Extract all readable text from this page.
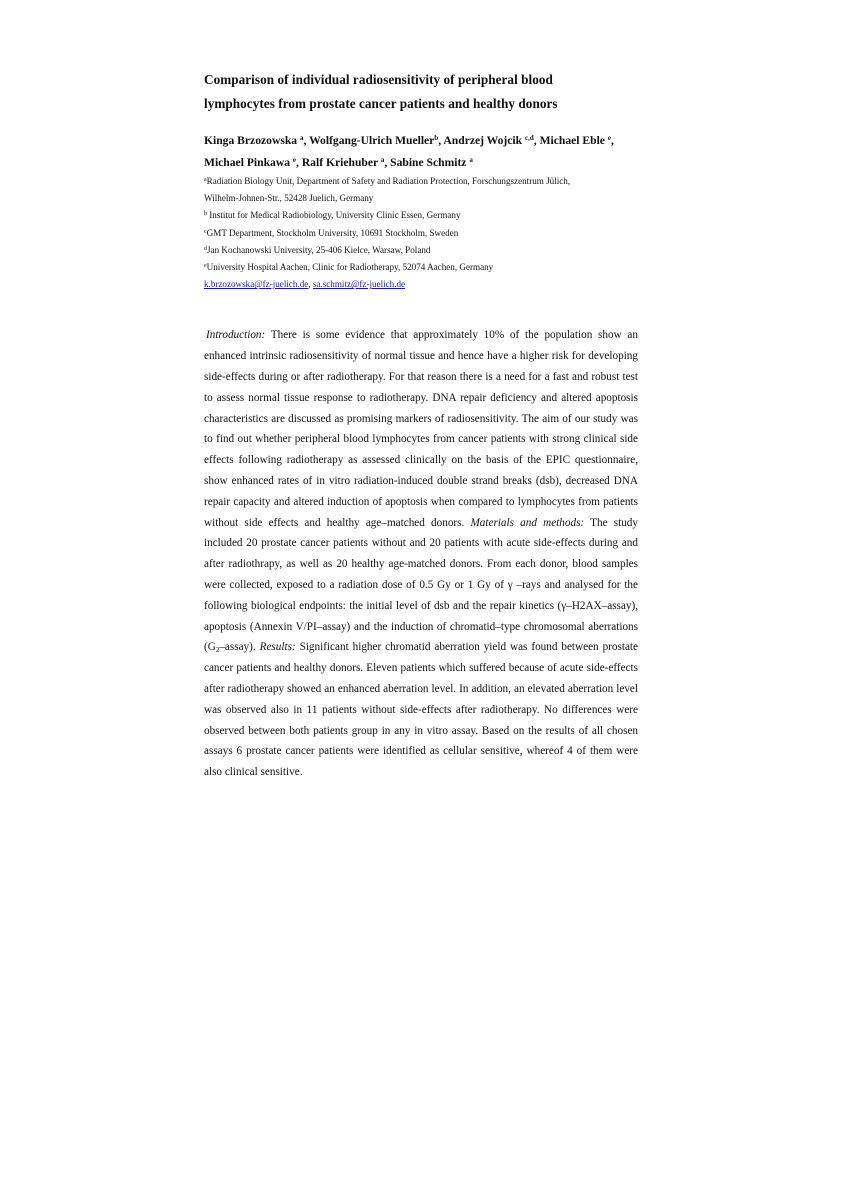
Comparison of individual radiosensitivity of peripheral blood
lymphocytes from prostate cancer patients and healthy donors
Kinga Brzozowska $^a$, Wolfgang-Ulrich Mueller$^b$, Andrzej Wojcik $^{c,d}$, Michael Eble $^e$,
Michael Pinkawa $^e$, Ralf Kriehuber $^a$, Sabine Schmitz $^a$
$^a$Radiation Biology Unit, Department of Safety and Radiation Protection, Forschungszentrum Jülich,
Wilhelm-Johnen-Str., 52428 Juelich, Germany
$^b$ Institut for Medical Radiobiology, University Clinic Essen, Germany
$^c$GMT Department, Stockholm University, 10691 Stockholm, Sweden
$^d$Jan Kochanowski University, 25-406 Kielce, Warsaw, Poland
$^e$University Hospital Aachen, Clinic for Radiotherapy, 52074 Aachen, Germany
k.brzozowska@fz-juelich.de, sa.schmitz@fz-juelich.de
Introduction: There is some evidence that approximately 10% of the population show an enhanced intrinsic radiosensitivity of normal tissue and hence have a higher risk for developing side-effects during or after radiotherapy. For that reason there is a need for a fast and robust test to assess normal tissue response to radiotherapy. DNA repair deficiency and altered apoptosis characteristics are discussed as promising markers of radiosensitivity. The aim of our study was to find out whether peripheral blood lymphocytes from cancer patients with strong clinical side effects following radiotherapy as assessed clinically on the basis of the EPIC questionnaire, show enhanced rates of in vitro radiation-induced double strand breaks (dsb), decreased DNA repair capacity and altered induction of apoptosis when compared to lymphocytes from patients without side effects and healthy age–matched donors. Materials and methods: The study included 20 prostate cancer patients without and 20 patients with acute side-effects during and after radiothrapy, as well as 20 healthy age-matched donors. From each donor, blood samples were collected, exposed to a radiation dose of 0.5 Gy or 1 Gy of γ –rays and analysed for the following biological endpoints: the initial level of dsb and the repair kinetics (γ–H2AX–assay), apoptosis (Annexin V/PI–assay) and the induction of chromatid–type chromosomal aberrations $(G_2-assay)$. Results: Significant higher chromatid aberration yield was found between prostate cancer patients and healthy donors. Eleven patients which suffered because of acute side-effects after radiotherapy showed an enhanced aberration level. In addition, an elevated aberration level was observed also in 11 patients without side-effects after radiotherapy. No differences were observed between both patients group in any in vitro assay. Based on the results of all chosen assays 6 prostate cancer patients were identified as cellular sensitive, whereof 4 of them were also clinical sensitive.
